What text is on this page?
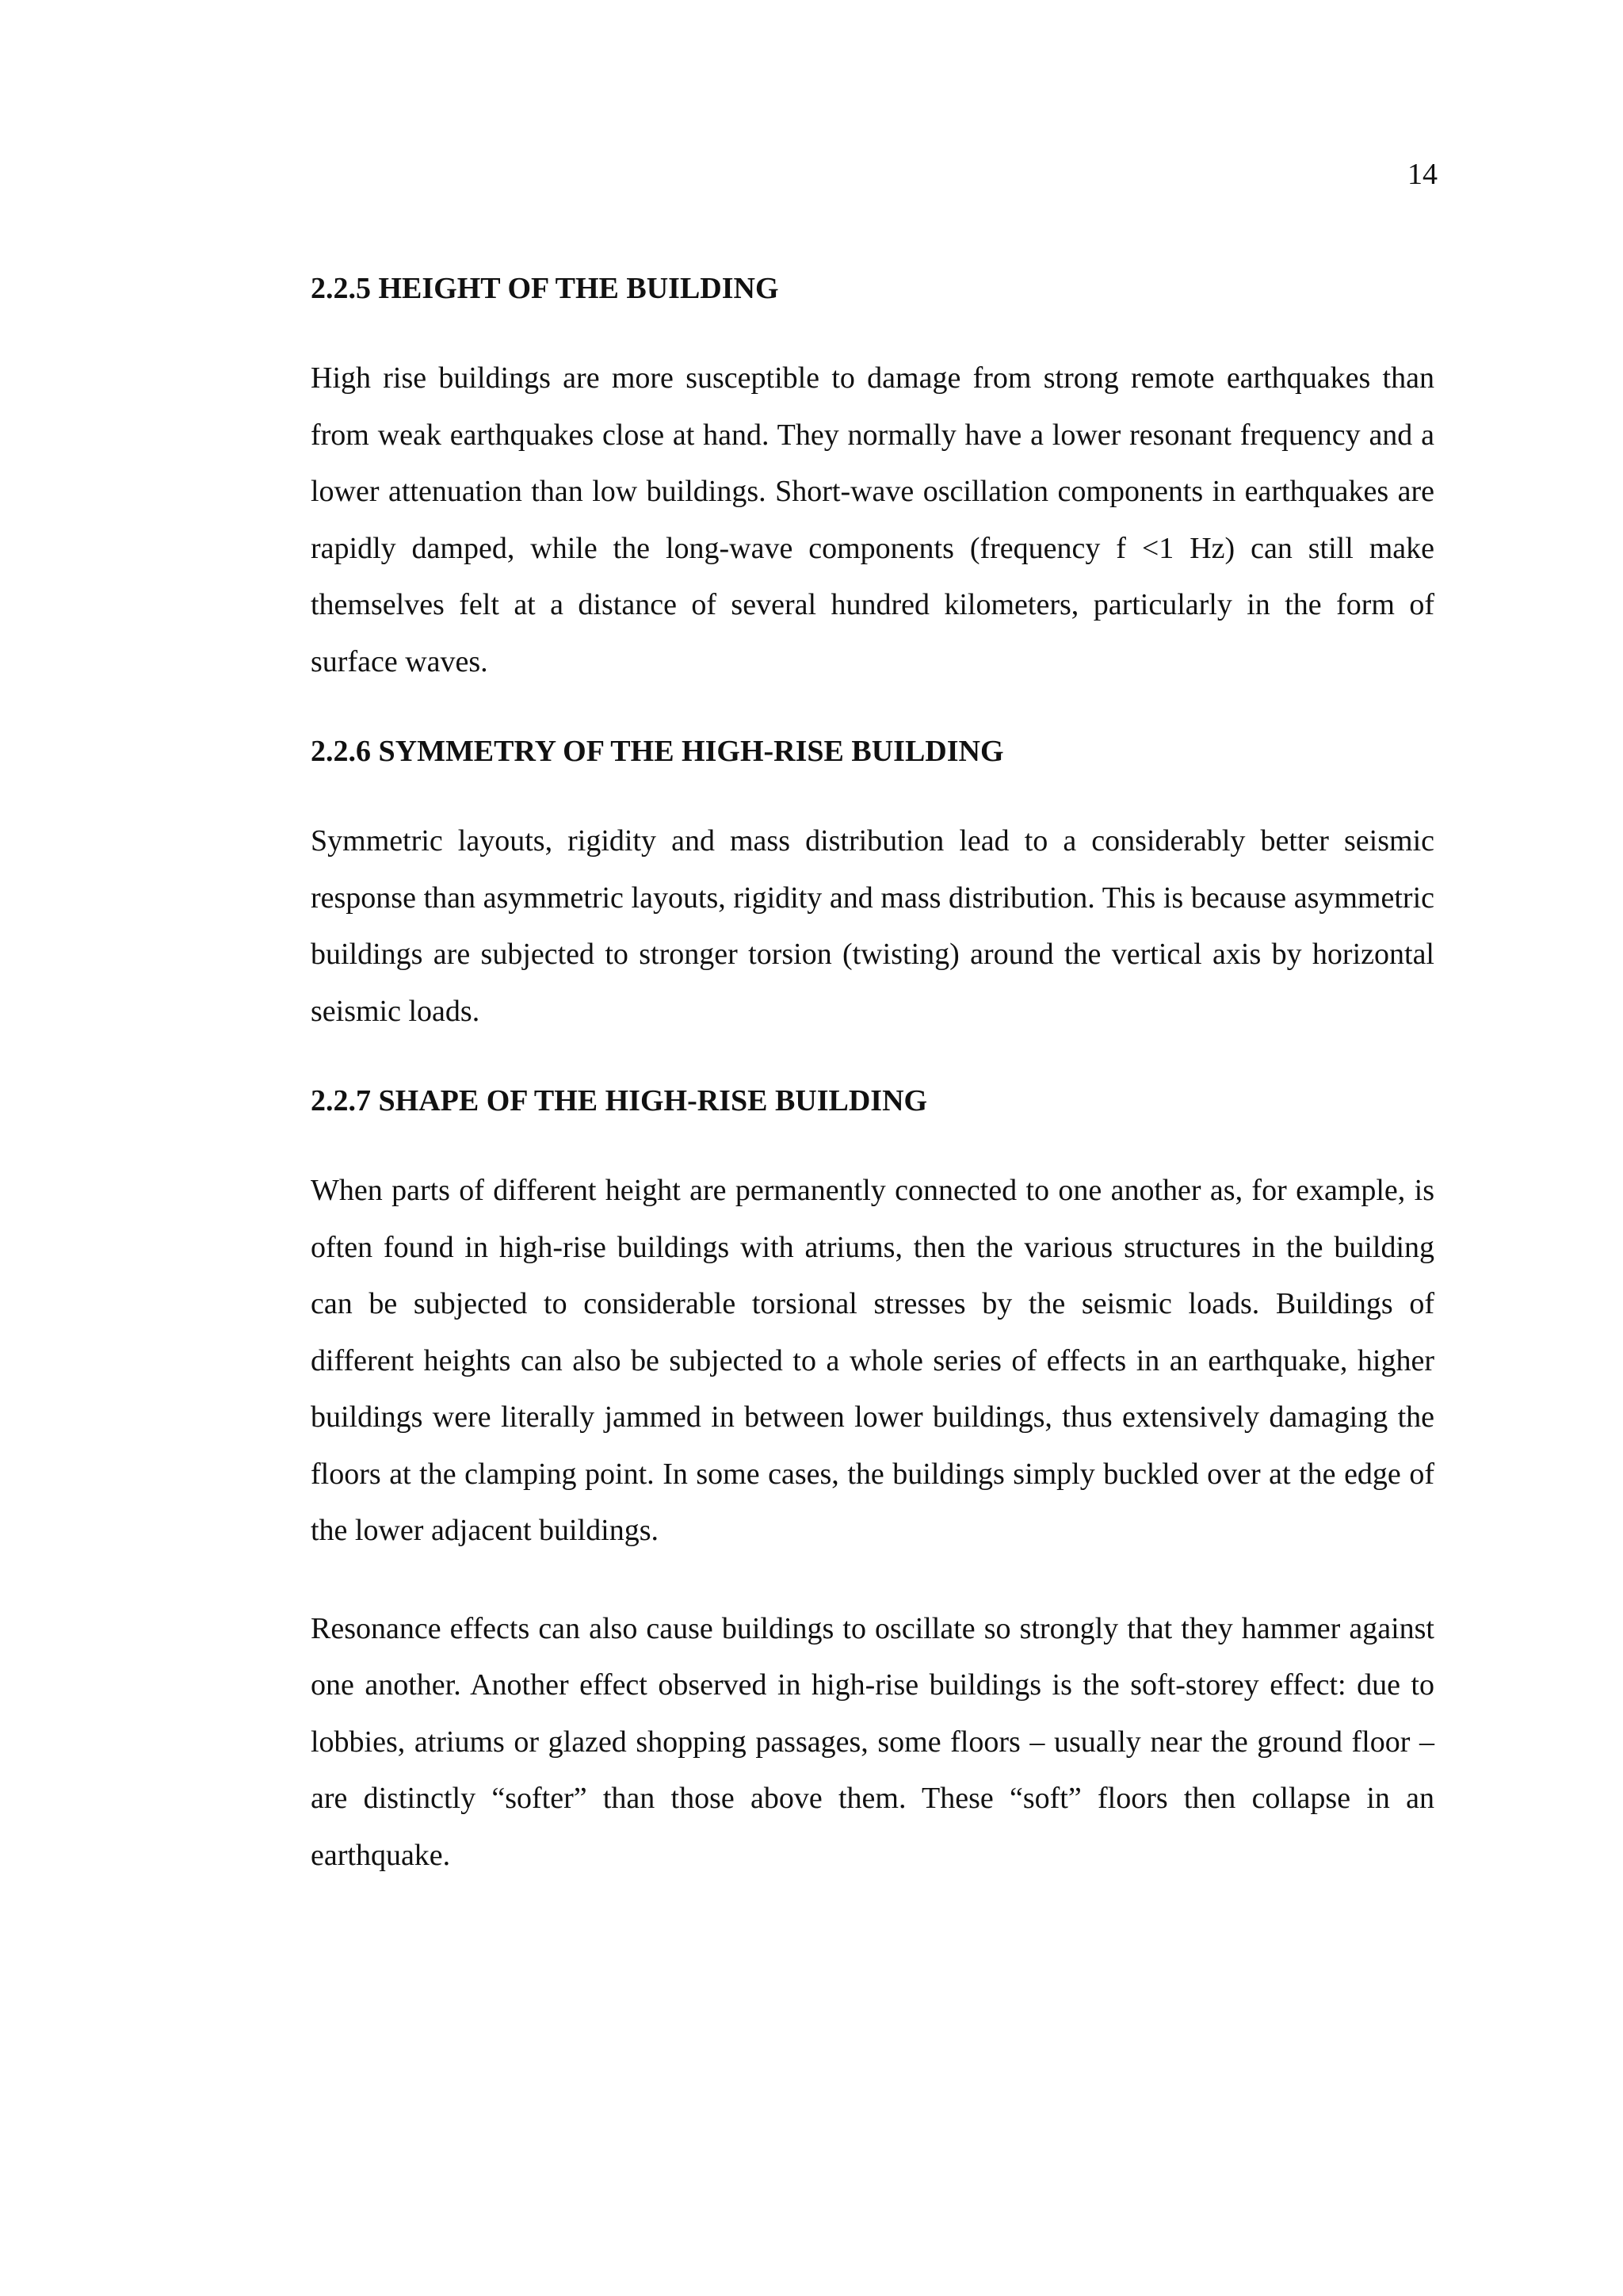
14
2.2.5 HEIGHT OF THE BUILDING

High rise buildings are more susceptible to damage from strong remote earthquakes than from weak earthquakes close at hand. They normally have a lower resonant frequency and a lower attenuation than low buildings. Short-wave oscillation components in earthquakes are rapidly damped, while the long-wave components (frequency f <1 Hz) can still make themselves felt at a distance of several hundred kilometers, particularly in the form of surface waves.

2.2.6 SYMMETRY OF THE HIGH-RISE BUILDING

Symmetric layouts, rigidity and mass distribution lead to a considerably better seismic response than asymmetric layouts, rigidity and mass distribution. This is because asymmetric buildings are subjected to stronger torsion (twisting) around the vertical axis by horizontal seismic loads.

2.2.7 SHAPE OF THE HIGH-RISE BUILDING

When parts of different height are permanently connected to one another as, for example, is often found in high-rise buildings with atriums, then the various structures in the building can be subjected to considerable torsional stresses by the seismic loads. Buildings of different heights can also be subjected to a whole series of effects in an earthquake, higher buildings were literally jammed in between lower buildings, thus extensively damaging the floors at the clamping point. In some cases, the buildings simply buckled over at the edge of the lower adjacent buildings.

Resonance effects can also cause buildings to oscillate so strongly that they hammer against one another. Another effect observed in high-rise buildings is the soft-storey effect: due to lobbies, atriums or glazed shopping passages, some floors – usually near the ground floor – are distinctly “softer” than those above them. These “soft” floors then collapse in an earthquake.
